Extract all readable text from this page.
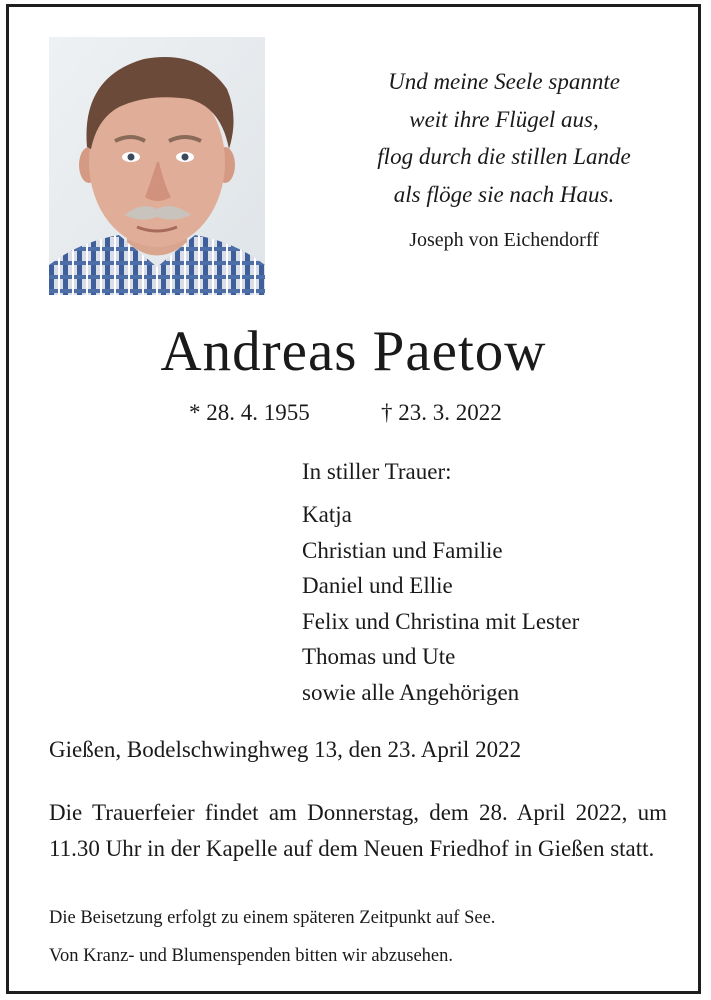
Und meine Seele spannte
weit ihre Flügel aus,
flog durch die stillen Lande
als flöge sie nach Haus.
Joseph von Eichendorff
Andreas Paetow
* 28. 4. 1955	† 23. 3. 2022
In stiller Trauer:
Katja
Christian und Familie
Daniel und Ellie
Felix und Christina mit Lester
Thomas und Ute
sowie alle Angehörigen
Gießen, Bodelschwinghweg 13, den 23. April 2022
Die Trauerfeier findet am Donnerstag, dem 28. April 2022, um 11.30 Uhr in der Kapelle auf dem Neuen Friedhof in Gießen statt.
Die Beisetzung erfolgt zu einem späteren Zeitpunkt auf See.
Von Kranz- und Blumenspenden bitten wir abzusehen.
